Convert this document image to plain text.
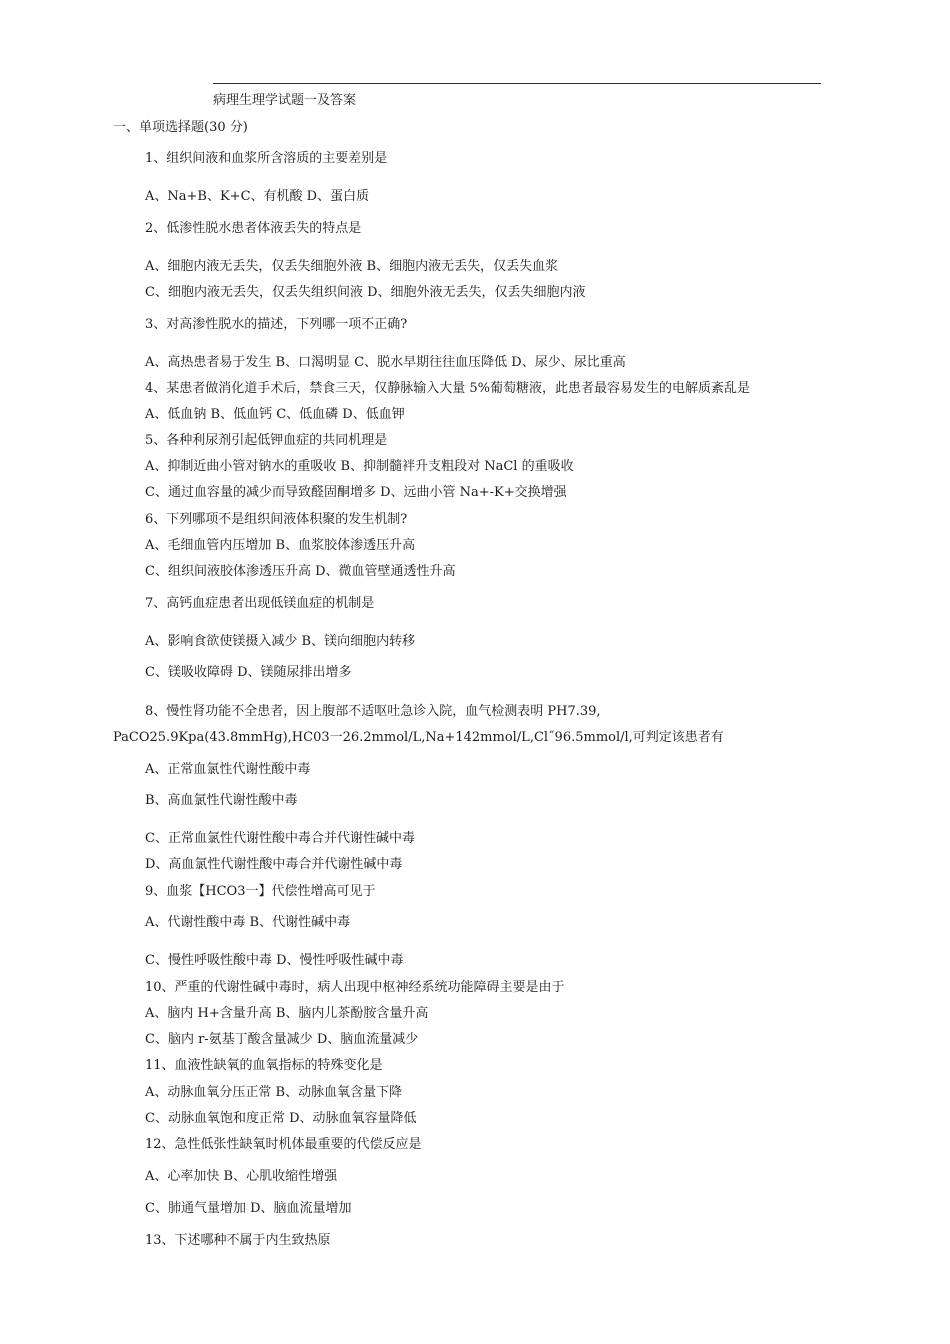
病理生理学试题一及答案
一、单项选择题(30 分)
1、组织间液和血浆所含溶质的主要差别是
A、Na+B、K+C、有机酸 D、蛋白质
2、低渗性脱水患者体液丢失的特点是
A、细胞内液无丢失，仅丢失细胞外液 B、细胞内液无丢失，仅丢失血浆
C、细胞内液无丢失，仅丢失组织间液 D、细胞外液无丢失，仅丢失细胞内液
3、对高渗性脱水的描述，下列哪一项不正确?
A、高热患者易于发生 B、口渴明显 C、脱水早期往往血压降低 D、尿少、尿比重高
4、某患者做消化道手术后，禁食三天，仅静脉输入大量 5%葡萄糖液，此患者最容易发生的电解质紊乱是
A、低血钠 B、低血钙 C、低血磷 D、低血钾
5、各种利尿剂引起低钾血症的共同机理是
A、抑制近曲小管对钠水的重吸收 B、抑制髓袢升支粗段对 NaCl 的重吸收
C、通过血容量的减少而导致醛固酮增多 D、远曲小管 Na+-K+交换增强
6、下列哪项不是组织间液体积聚的发生机制?
A、毛细血管内压增加 B、血浆胶体渗透压升高
C、组织间液胶体渗透压升高 D、微血管壁通透性升高
7、高钙血症患者出现低镁血症的机制是
A、影响食欲使镁摄入减少 B、镁向细胞内转移
C、镁吸收障碍 D、镁随尿排出增多
8、慢性肾功能不全患者，因上腹部不适呕吐急诊入院，血气检测表明 PH7.39,
PaCO25.9Kpa(43.8mmHg),HC03一26.2mmol/L,Na+142mmol/L,Cl˝96.5mmol/l,可判定该患者有
A、正常血氯性代谢性酸中毒
B、高血氯性代谢性酸中毒
C、正常血氯性代谢性酸中毒合并代谢性碱中毒
D、高血氯性代谢性酸中毒合并代谢性碱中毒
9、血浆【HCO3一】代偿性增高可见于
A、代谢性酸中毒 B、代谢性碱中毒
C、慢性呼吸性酸中毒 D、慢性呼吸性碱中毒
10、严重的代谢性碱中毒时，病人出现中枢神经系统功能障碍主要是由于
A、脑内 H+含量升高 B、脑内儿茶酚胺含量升高
C、脑内 r-氨基丁酸含量减少 D、脑血流量减少
11、血液性缺氧的血氧指标的特殊变化是
A、动脉血氧分压正常 B、动脉血氧含量下降
C、动脉血氧饱和度正常 D、动脉血氧容量降低
12、急性低张性缺氧时机体最重要的代偿反应是
A、心率加快 B、心肌收缩性增强
C、肺通气量增加 D、脑血流量增加
13、下述哪种不属于内生致热原
